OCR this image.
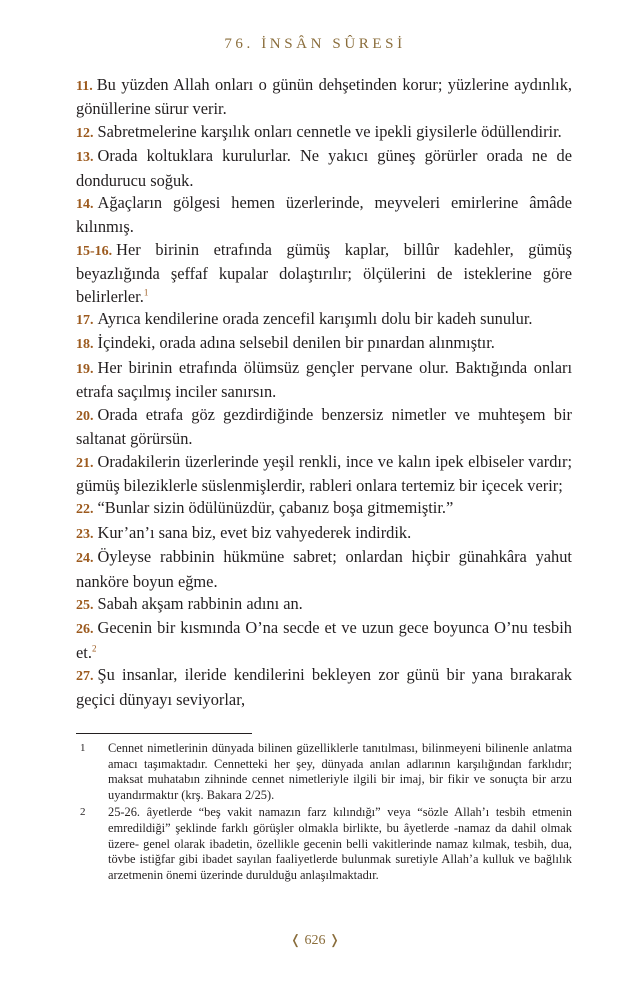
76. İNSÂN SÛRESİ

11. Bu yüzden Allah onları o günün dehşetinden korur; yüzlerine aydınlık, gönüllerine sürur verir.

12. Sabretmelerine karşılık onları cennetle ve ipekli giysilerle ödüllendirir.

13. Orada koltuklara kurulurlar. Ne yakıcı güneş görürler orada ne de dondurucu soğuk.

14. Ağaçların gölgesi hemen üzerlerinde, meyveleri emirlerine âmâde kılınmış.

15-16. Her birinin etrafında gümüş kaplar, billûr kadehler, gümüş beyazlığında şeffaf kupalar dolaştırılır; ölçülerini de isteklerine göre belirlerler.$^1$

17. Ayrıca kendilerine orada zencefil karışımlı dolu bir kadeh sunulur.

18. İçindeki, orada adına selsebil denilen bir pınardan alınmıştır.

19. Her birinin etrafında ölümsüz gençler pervane olur. Baktığında onları etrafa saçılmış inciler sanırsın.

20. Orada etrafa göz gezdirdiğinde benzersiz nimetler ve muhteşem bir saltanat görürsün.

21. Oradakilerin üzerlerinde yeşil renkli, ince ve kalın ipek elbiseler vardır; gümüş bileziklerle süslenmişlerdir, rableri onlara tertemiz bir içecek verir;

22. “Bunlar sizin ödülünüzdür, çabanız boşa gitmemiştir.”

23. Kur’an’ı sana biz, evet biz vahyederek indirdik.

24. Öyleyse rabbinin hükmüne sabret; onlardan hiçbir günahkâra yahut nankörе boyun eğme.

25. Sabah akşam rabbinin adını an.

26. Gecenin bir kısmında O’na secde et ve uzun gece boyunca O’nu tesbih et.$^2$

27. Şu insanlar, ileride kendilerini bekleyen zor günü bir yana bırakarak geçici dünyayı seviyorlar,

1	Cennet nimetlerinin dünyada bilinen güzelliklerle tanıtılması, bilinmeyeni bilinenle anlatma amacı taşımaktadır. Cennetteki her şey, dünyada anılan adlarının karşılığından farklıdır; maksat muhatabın zihninde cennet nimetleriyle ilgili bir imaj, bir fikir ve sonuçta bir arzu uyandırmaktır (krş. Bakara 2/25).
2	25-26. âyetlerde “beş vakit namazın farz kılındığı” veya “sözle Allah’ı tesbih etmenin emredildiği” şeklinde farklı görüşler olmakla birlikte, bu âyetlerde -namaz da dahil olmak üzere- genel olarak ibadetin, özellikle gecenin belli vakitlerinde namaz kılmak, tesbih, dua, tövbe istiğfar gibi ibadet sayılan faaliyetlerde bulunmak suretiyle Allah’a kulluk ve bağlılık arzetmenin önemi üzerinde durulduğu anlaşılmaktadır.
❬ 626 ❭
